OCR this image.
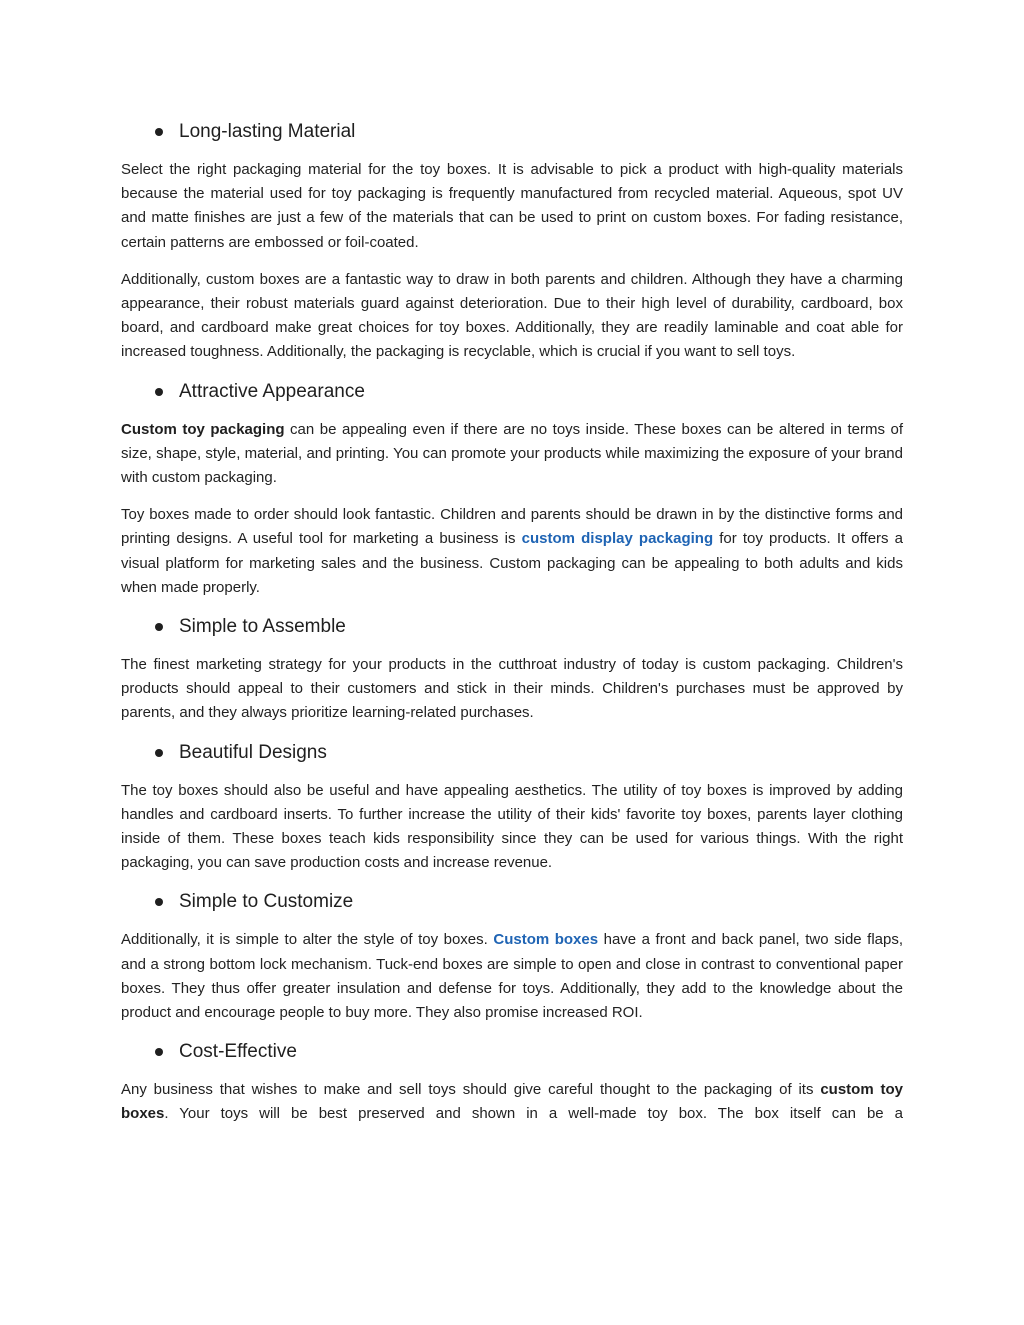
Long-lasting Material

Select the right packaging material for the toy boxes. It is advisable to pick a product with high-quality materials because the material used for toy packaging is frequently manufactured from recycled material. Aqueous, spot UV and matte finishes are just a few of the materials that can be used to print on custom boxes. For fading resistance, certain patterns are embossed or foil-coated.

Additionally, custom boxes are a fantastic way to draw in both parents and children. Although they have a charming appearance, their robust materials guard against deterioration. Due to their high level of durability, cardboard, box board, and cardboard make great choices for toy boxes. Additionally, they are readily laminable and coat able for increased toughness. Additionally, the packaging is recyclable, which is crucial if you want to sell toys.

Attractive Appearance

Custom toy packaging can be appealing even if there are no toys inside. These boxes can be altered in terms of size, shape, style, material, and printing. You can promote your products while maximizing the exposure of your brand with custom packaging.

Toy boxes made to order should look fantastic. Children and parents should be drawn in by the distinctive forms and printing designs. A useful tool for marketing a business is custom display packaging for toy products. It offers a visual platform for marketing sales and the business. Custom packaging can be appealing to both adults and kids when made properly.

Simple to Assemble

The finest marketing strategy for your products in the cutthroat industry of today is custom packaging. Children's products should appeal to their customers and stick in their minds. Children's purchases must be approved by parents, and they always prioritize learning-related purchases.

Beautiful Designs

The toy boxes should also be useful and have appealing aesthetics. The utility of toy boxes is improved by adding handles and cardboard inserts. To further increase the utility of their kids' favorite toy boxes, parents layer clothing inside of them. These boxes teach kids responsibility since they can be used for various things. With the right packaging, you can save production costs and increase revenue.

Simple to Customize

Additionally, it is simple to alter the style of toy boxes. Custom boxes have a front and back panel, two side flaps, and a strong bottom lock mechanism. Tuck-end boxes are simple to open and close in contrast to conventional paper boxes. They thus offer greater insulation and defense for toys. Additionally, they add to the knowledge about the product and encourage people to buy more. They also promise increased ROI.

Cost-Effective

Any business that wishes to make and sell toys should give careful thought to the packaging of its custom toy boxes. Your toys will be best preserved and shown in a well-made toy box. The box itself can be a
